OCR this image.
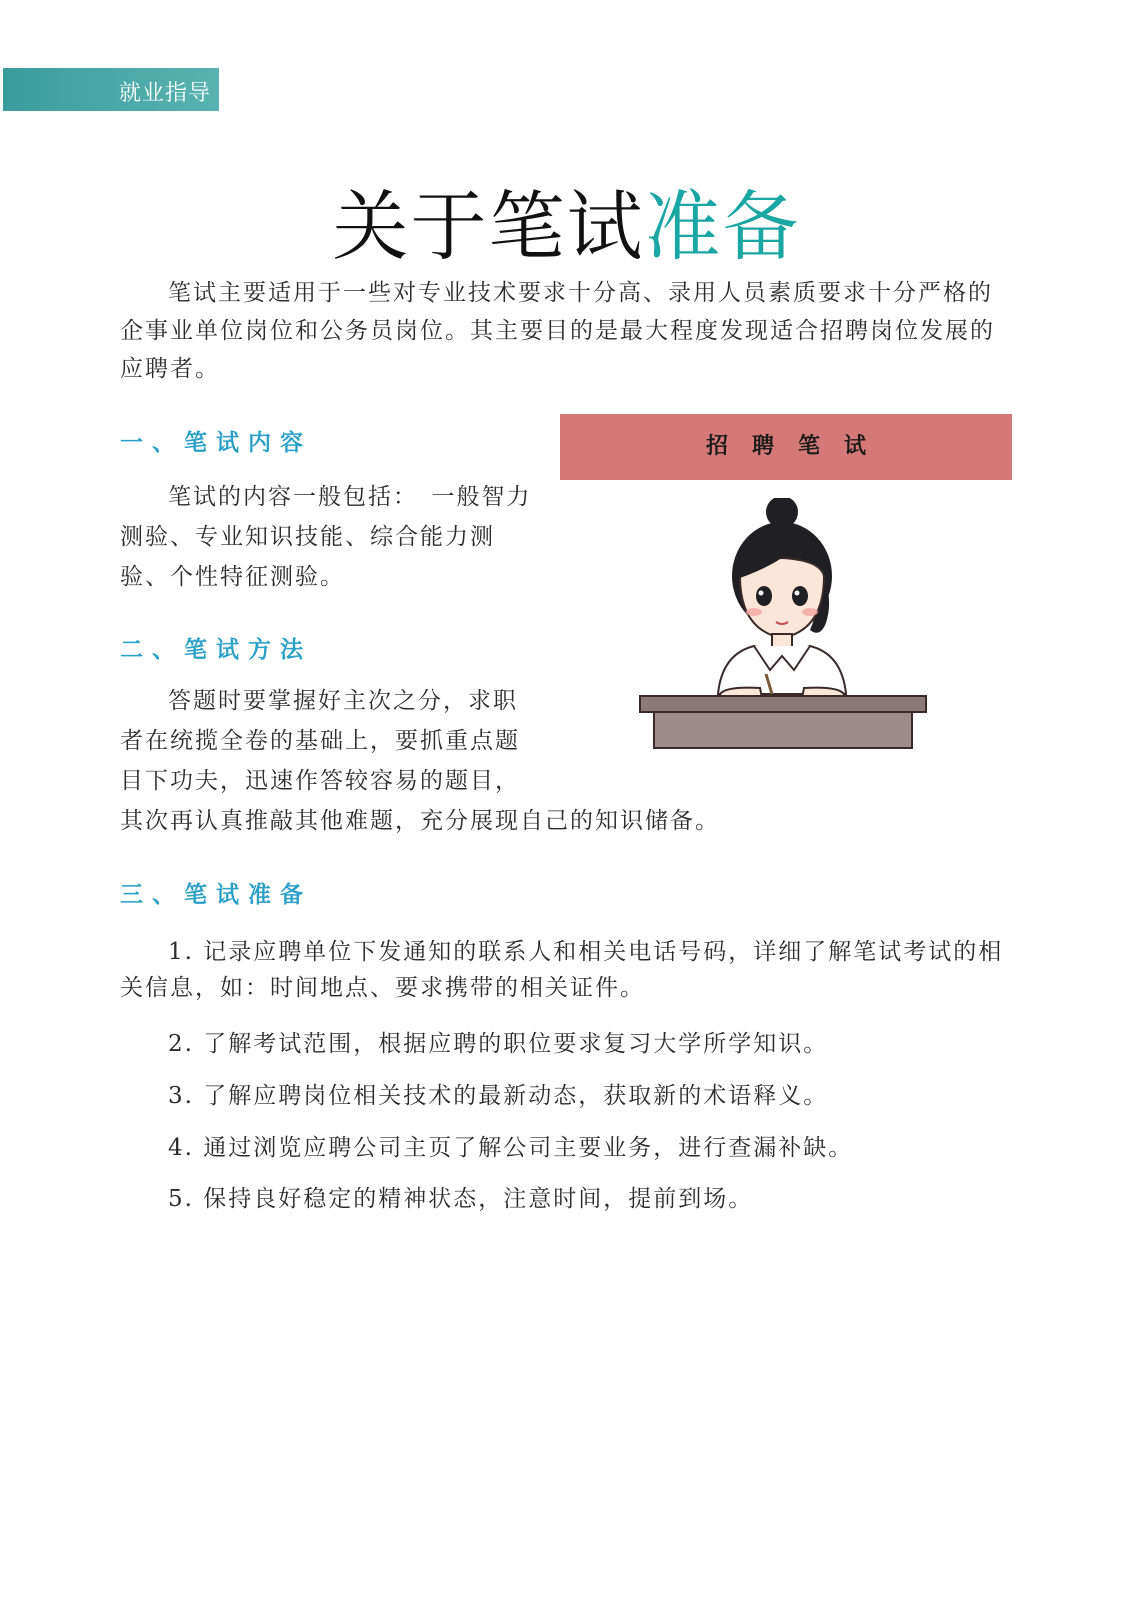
就业指导
关于笔试准备

笔试主要适用于一些对专业技术要求十分高、录用人员素质要求十分严格的企事业单位岗位和公务员岗位。其主要目的是最大程度发现适合招聘岗位发展的应聘者。

一、笔试内容

笔试的内容一般包括：　一般智力测验、专业知识技能、综合能力测验、个性特征测验。

二、笔试方法

答题时要掌握好主次之分，求职者在统揽全卷的基础上，要抓重点题目下功夫，迅速作答较容易的题目，

其次再认真推敲其他难题，充分展现自己的知识储备。

三、笔试准备

1. 记录应聘单位下发通知的联系人和相关电话号码，详细了解笔试考试的相关信息，如：时间地点、要求携带的相关证件。

2. 了解考试范围，根据应聘的职位要求复习大学所学知识。

3. 了解应聘岗位相关技术的最新动态，获取新的术语释义。

4. 通过浏览应聘公司主页了解公司主要业务，进行查漏补缺。

5. 保持良好稳定的精神状态，注意时间，提前到场。

招聘笔试
